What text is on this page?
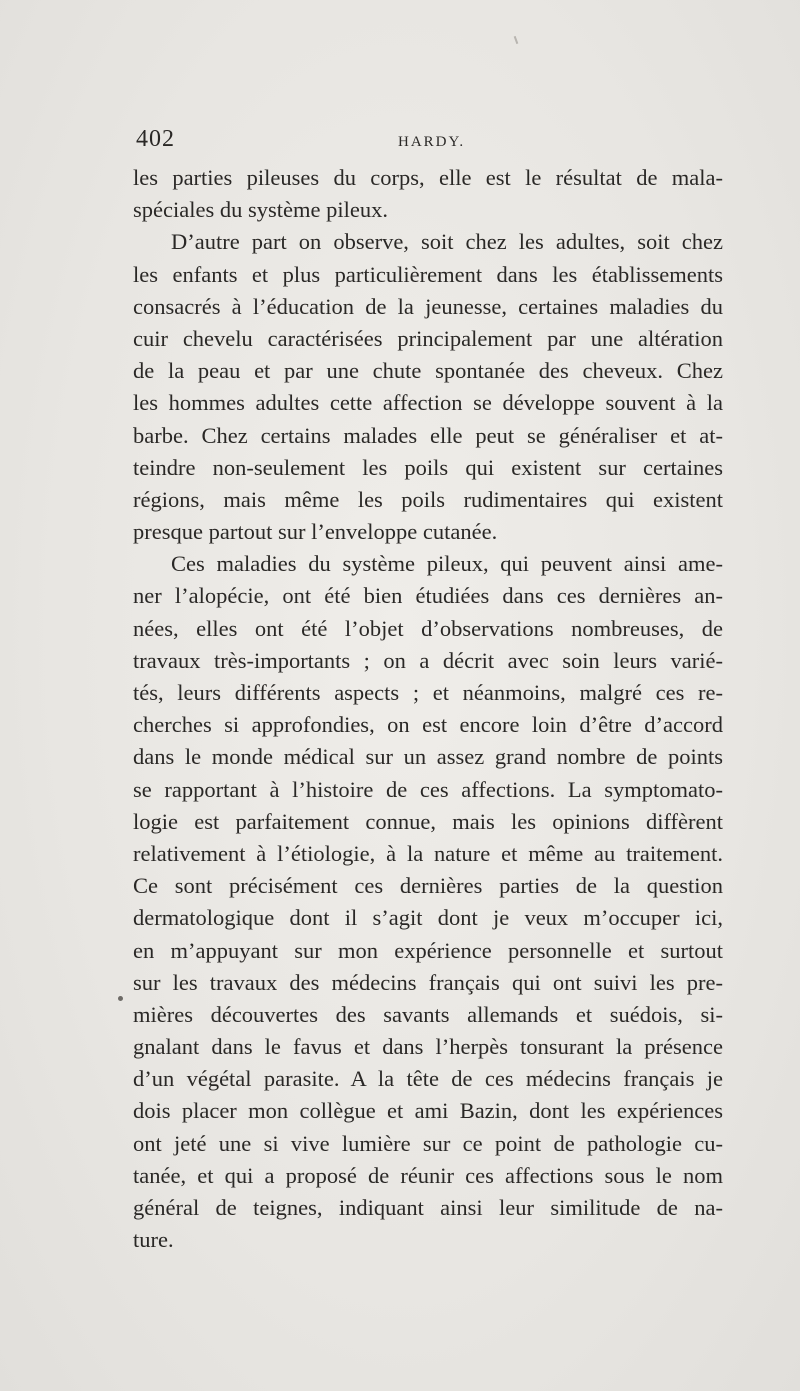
402	HARDY.
les parties pileuses du corps, elle est le résultat de mala-
spéciales du système pileux.
D’autre part on observe, soit chez les adultes, soit chez
les enfants et plus particulièrement dans les établissements
consacrés à l’éducation de la jeunesse, certaines maladies du
cuir chevelu caractérisées principalement par une altération
de la peau et par une chute spontanée des cheveux. Chez
les hommes adultes cette affection se développe souvent à la
barbe. Chez certains malades elle peut se généraliser et at-
teindre non-seulement les poils qui existent sur certaines
régions, mais même les poils rudimentaires qui existent
presque partout sur l’enveloppe cutanée.
Ces maladies du système pileux, qui peuvent ainsi ame-
ner l’alopécie, ont été bien étudiées dans ces dernières an-
nées, elles ont été l’objet d’observations nombreuses, de
travaux très-importants ; on a décrit avec soin leurs varié-
tés, leurs différents aspects ; et néanmoins, malgré ces re-
cherches si approfondies, on est encore loin d’être d’accord
dans le monde médical sur un assez grand nombre de points
se rapportant à l’histoire de ces affections. La symptomato-
logie est parfaitement connue, mais les opinions diffèrent
relativement à l’étiologie, à la nature et même au traitement.
Ce sont précisément ces dernières parties de la question
dermatologique dont il s’agit dont je veux m’occuper ici,
en m’appuyant sur mon expérience personnelle et surtout
sur les travaux des médecins français qui ont suivi les pre-
mières découvertes des savants allemands et suédois, si-
gnalant dans le favus et dans l’herpès tonsurant la présence
d’un végétal parasite. A la tête de ces médecins français je
dois placer mon collègue et ami Bazin, dont les expériences
ont jeté une si vive lumière sur ce point de pathologie cu-
tanée, et qui a proposé de réunir ces affections sous le nom
général de teignes, indiquant ainsi leur similitude de na-
ture.
